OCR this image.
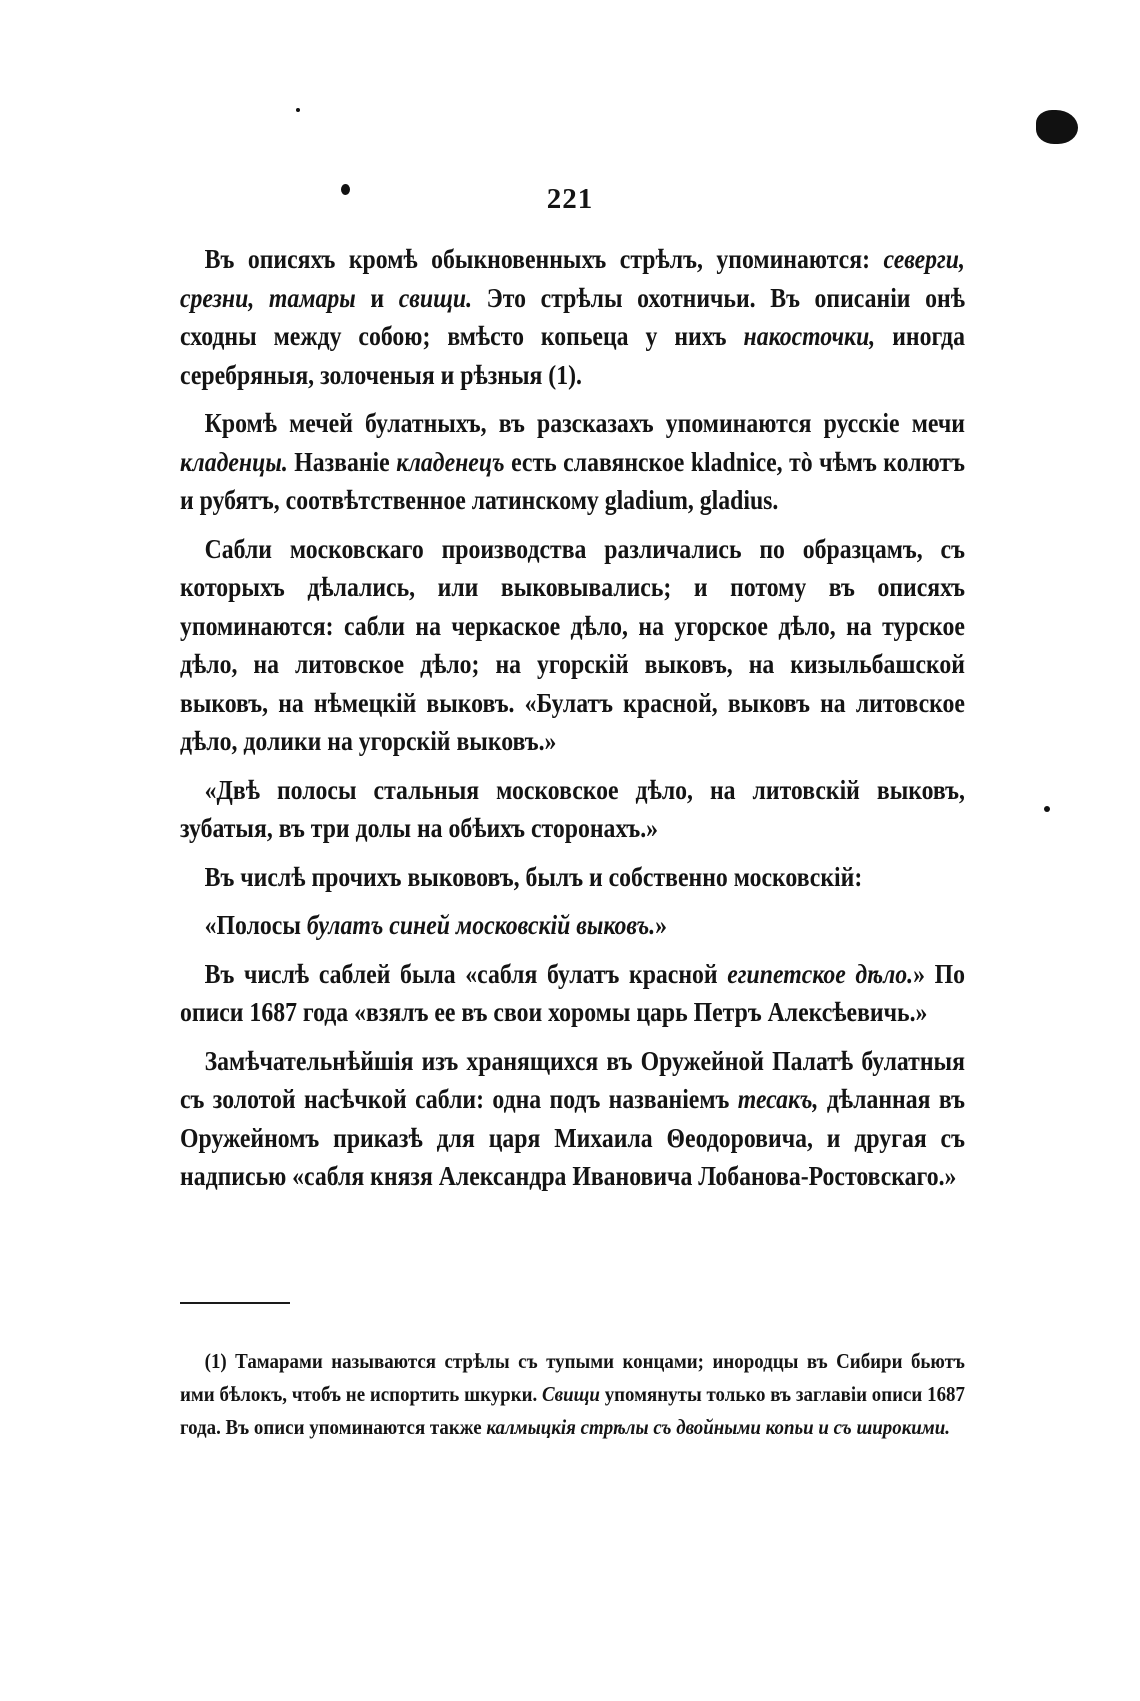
221

Въ описяхъ кромѣ обыкновенныхъ стрѣлъ, упоминаются: северги, срезни, тамары и свищи. Это стрѣлы охотничьи. Въ описаніи онѣ сходны между собою; вмѣсто копьеца у нихъ накосточки, иногда серебряныя, золоченыя и рѣзныя (1).

Кромѣ мечей булатныхъ, въ разсказахъ упоминаются русскіе мечи кладенцы. Названіе кладенецъ есть славянское kladnice, тò чѣмъ колютъ и рубятъ, соотвѣтственное латинскому gladium, gladius.

Сабли московскаго производства различались по образцамъ, съ которыхъ дѣлались, или выковывались; и потому въ описяхъ упоминаются: сабли на черкаское дѣло, на угорское дѣло, на турское дѣло, на литовское дѣло; на угорскій выковъ, на кизыльбашской выковъ, на нѣмецкій выковъ. «Булатъ красной, выковъ на литовское дѣло, долики на угорскій выковъ.»

«Двѣ полосы стальныя московское дѣло, на литовскій выковъ, зубатыя, въ три долы на обѣихъ сторонахъ.»

Въ числѣ прочихъ выкововъ, былъ и собственно московскій:

«Полосы булатъ синей московскій выковъ.»

Въ числѣ саблей была «сабля булатъ красной египетское дѣло.» По описи 1687 года «взялъ ее въ свои хоромы царь Петръ Алексѣевичь.»

Замѣчательнѣйшія изъ хранящихся въ Оружейной Палатѣ булатныя съ золотой насѣчкой сабли: одна подъ названіемъ тесакъ, дѣланная въ Оружейномъ приказѣ для царя Михаила Θеодоровича, и другая съ надписью «сабля князя Александра Ивановича Лобанова-Ростовскаго.»

(1) Тамарами называются стрѣлы съ тупыми концами; инородцы въ Сибири бьютъ ими бѣлокъ, чтобъ не испортить шкурки. Свищи упомянуты только въ заглавіи описи 1687 года. Въ описи упоминаются также калмыцкія стрѣлы съ двойными копьи и съ широкими.
